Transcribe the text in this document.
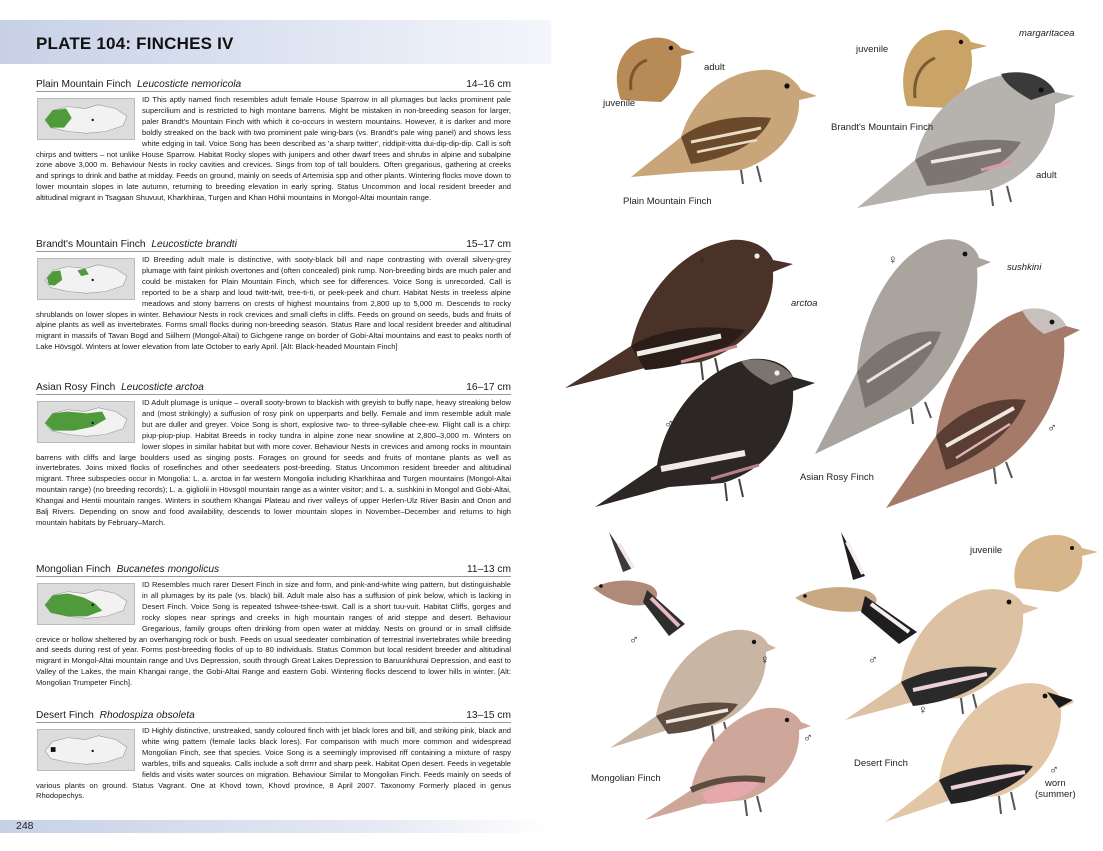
PLATE 104: FINCHES IV
Plain Mountain Finch Leucosticte nemoricola	14–16 cm
ID This aptly named finch resembles adult female House Sparrow in all plumages but lacks prominent pale supercilium and is restricted to high montane barrens. Might be mistaken in non-breeding season for larger, paler Brandt's Mountain Finch with which it co-occurs in western mountains. However, it is darker and more boldly streaked on the back with two prominent pale wing-bars (vs. Brandt's pale wing panel) and shows less white edging in tail. Voice Song has been described as 'a sharp twitter', riddipit-vitta dui-dip-dip-dip. Call is soft chirps and twitters – not unlike House Sparrow. Habitat Rocky slopes with junipers and other dwarf trees and shrubs in alpine and subalpine zone above 3,000 m. Behaviour Nests in rocky cavities and crevices. Sings from top of tall boulders. Often gregarious, gathering at creeks and springs to drink and bathe at midday. Feeds on ground, mainly on seeds of Artemisia spp and other plants. Wintering flocks move down to lower mountain slopes in late autumn, returning to breeding elevation in early spring. Status Uncommon and local resident breeder and altitudinal migrant in Tsagaan Shuvuut, Kharkhiraa, Turgen and Khan Höhii mountains in Mongol-Altai mountain range.
Brandt's Mountain Finch Leucosticte brandti	15–17 cm
ID Breeding adult male is distinctive, with sooty-black bill and nape contrasting with overall silvery-grey plumage with faint pinkish overtones and (often concealed) pink rump. Non-breeding birds are much paler and could be mistaken for Plain Mountain Finch, which see for differences. Voice Song is unrecorded. Call is reported to be a sharp and loud twitt-twit, tree-ti-ti, or peek-peek and churr. Habitat Nests in treeless alpine meadows and stony barrens on crests of highest mountains from 2,800 up to 5,000 m. Descends to rocky shrublands on lower slopes in winter. Behaviour Nests in rock crevices and small clefts in cliffs. Feeds on ground on seeds, buds and fruits of alpine plants as well as invertebrates. Forms small flocks during non-breeding season. Status Rare and local resident breeder and altitudinal migrant in massifs of Tavan Bogd and Siilhem (Mongol-Altai) to Gichgene range on border of Gobi-Altai mountains and east to peaks north of Lake Hövsgöl. Winters at lower elevation from late October to early April. [Alt: Black-headed Mountain Finch]
Asian Rosy Finch Leucosticte arctoa	16–17 cm
ID Adult plumage is unique – overall sooty-brown to blackish with greyish to buffy nape, heavy streaking below and (most strikingly) a suffusion of rosy pink on upperparts and belly. Female and imm resemble adult male but are duller and greyer. Voice Song is short, explosive two- to three-syllable chee-ew. Flight call is a chirp: piup-piup-piup. Habitat Breeds in rocky tundra in alpine zone near snowline at 2,800–3,000 m. Winters on lower slopes in similar habitat but with more cover. Behaviour Nests in crevices and among rocks in mountain barrens with cliffs and large boulders used as singing posts. Forages on ground for seeds and fruits of montane plants as well as invertebrates. Joins mixed flocks of rosefinches and other seedeaters post-breeding. Status Uncommon resident breeder and altitudinal migrant. Three subspecies occur in Mongolia: L. a. arctoa in far western Mongolia including Kharkhiraa and Turgen mountains (Mongol-Altai mountain range) (no breeding records); L. a. gigliolii in Hövsgöl mountain range as a winter visitor; and L. a. sushkini in Mongol and Gobi-Altai, Khangai and Hentii mountain ranges. Winters in southern Khangai Plateau and river valleys of upper Herlen-Ulz River Basin and Onon and Balj Rivers. Depending on snow and food availability, descends to lower mountain slopes in November–December and returns to high mountain habitats by February–March.
Mongolian Finch Bucanetes mongolicus	11–13 cm
ID Resembles much rarer Desert Finch in size and form, and pink-and-white wing pattern, but distinguishable in all plumages by its pale (vs. black) bill. Adult male also has a suffusion of pink below, which is lacking in Desert Finch. Voice Song is repeated tshwee-tshee-tswit. Call is a short tuu-vuit. Habitat Cliffs, gorges and rocky slopes near springs and creeks in high mountain ranges of arid steppe and desert. Behaviour Gregarious, family groups often drinking from open water at midday. Nests on ground or in small cliffside crevice or hollow sheltered by an overhanging rock or bush. Feeds on usual seedeater combination of terrestrial invertebrates while breeding and seeds during rest of year. Forms post-breeding flocks of up to 80 individuals. Status Common but local resident breeder and altitudinal migrant in Mongol-Altai mountain range and Uvs Depression, south through Great Lakes Depression to Baruunkhurai Depression, and east to Valley of the Lakes, the main Khangai range, the Gobi-Altai Range and eastern Gobi. Wintering flocks descend to lower hills in winter. [Alt: Mongolian Trumpeter Finch].
Desert Finch Rhodospiza obsoleta	13–15 cm
ID Highly distinctive, unstreaked, sandy coloured finch with jet black lores and bill, and striking pink, black and white wing pattern (female lacks black lores). For comparison with much more common and widespread Mongolian Finch, see that species. Voice Song is a seemingly improvised riff containing a mixture of raspy warbles, trills and squeaks. Calls include a soft drrrrr and sharp peek. Habitat Open desert. Feeds in vegetable fields and visits water sources on migration. Behaviour Similar to Mongolian Finch. Feeds mainly on seeds of various plants on ground. Status Vagrant. One at Khovd town, Khovd province, 8 April 2007. Taxonomy Formerly placed in genus Rhodopechys.
248
juvenile
adult
Plain Mountain Finch
juvenile
margaritacea
Brandt's Mountain Finch
adult
♀
arctoa
♀
sushkini
♂	♂
Asian Rosy Finch
♂
juvenile
♀	♂
♀
♂
Mongolian Finch
Desert Finch	♂
worn
(summer)
